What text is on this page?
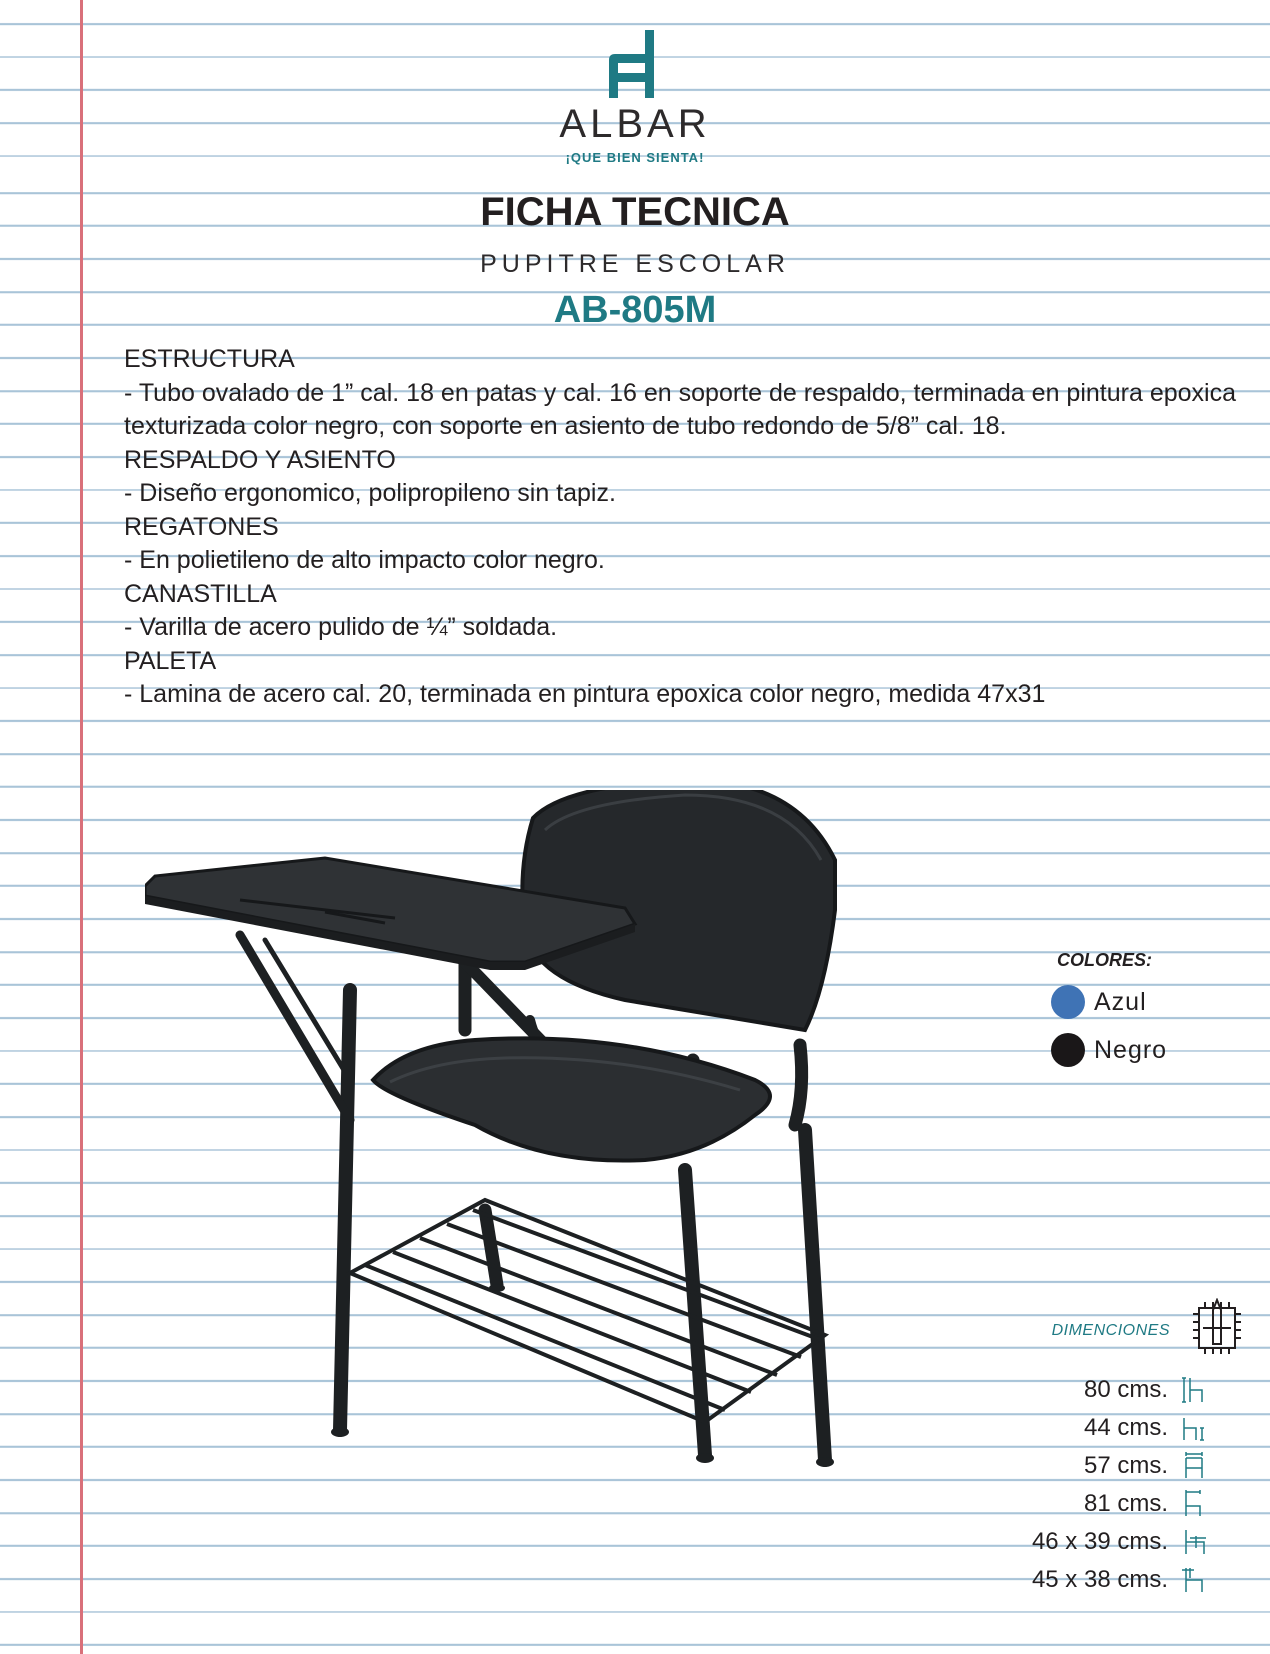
ALBAR
¡QUE BIEN SIENTA!
FICHA TECNICA
PUPITRE ESCOLAR
AB-805M

ESTRUCTURA

- Tubo ovalado de 1” cal. 18 en patas y cal. 16 en soporte de respaldo, terminada en pintura epoxica texturizada color negro, con soporte en asiento de tubo redondo de 5/8” cal. 18.

RESPALDO Y ASIENTO

- Diseño ergonomico, polipropileno sin tapiz.

REGATONES

- En polietileno de alto impacto color negro.

CANASTILLA

- Varilla de acero pulido de ¼” soldada.

PALETA

- Lamina de acero cal. 20, terminada en pintura epoxica color negro, medida 47x31

COLORES:
Azul
Negro
DIMENCIONES
80 cms.
44 cms.
57 cms.
81 cms.
46 x 39 cms.
45 x 38 cms.
